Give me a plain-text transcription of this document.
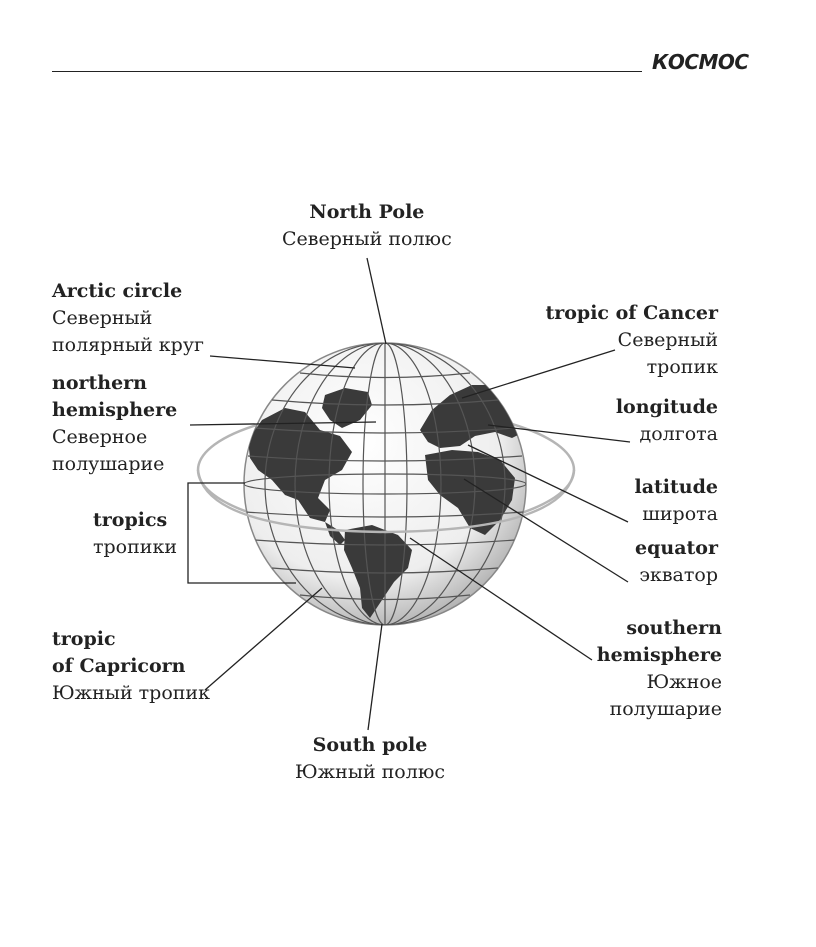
КОСМОС
North Pole
Северный полюс
Arctic circle
Северный
полярный круг
northern
hemisphere
Северное
полушарие
tropics
тропики
tropic
of Capricorn
Южный тропик
South pole
Южный полюс
tropic of Cancer
Северный
тропик
longitude
долгота
latitude
широта
equator
экватор
southern
hemisphere
Южное
полушарие
